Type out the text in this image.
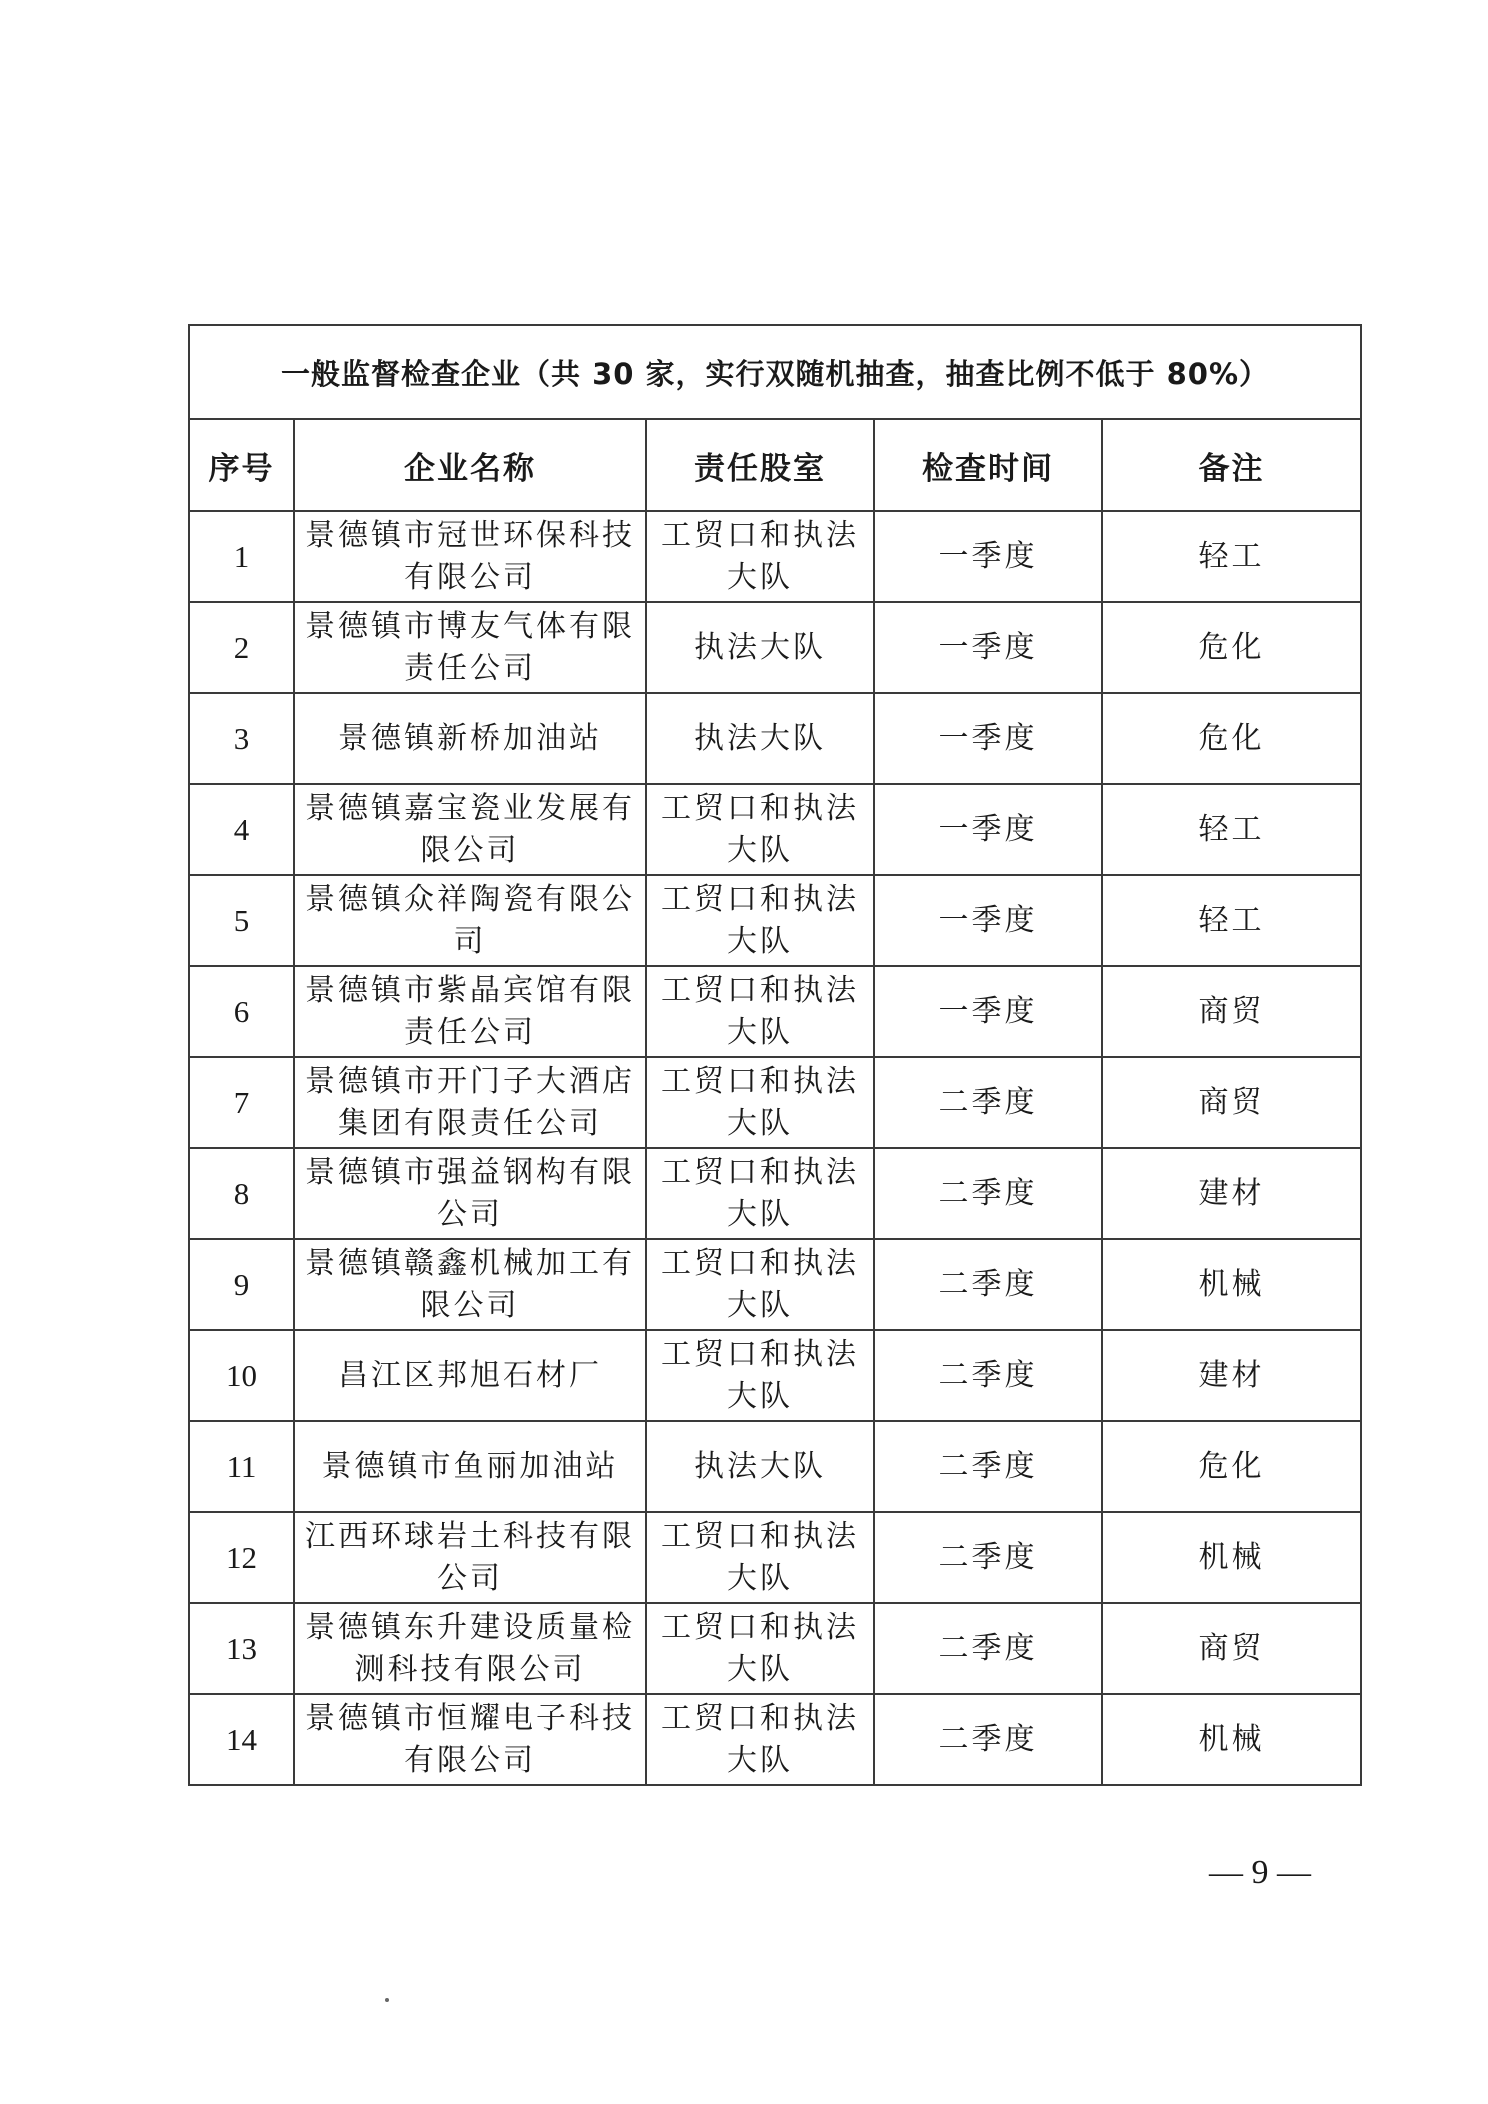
一般监督检查企业（共 30 家，实行双随机抽查，抽查比例不低于 80%）				
序号	企业名称	责任股室	检查时间	备注
1	景德镇市冠世环保科技有限公司	工贸口和执法大队	一季度	轻工
2	景德镇市博友气体有限责任公司	执法大队	一季度	危化
3	景德镇新桥加油站	执法大队	一季度	危化
4	景德镇嘉宝瓷业发展有限公司	工贸口和执法大队	一季度	轻工
5	景德镇众祥陶瓷有限公司	工贸口和执法大队	一季度	轻工
6	景德镇市紫晶宾馆有限责任公司	工贸口和执法大队	一季度	商贸
7	景德镇市开门子大酒店集团有限责任公司	工贸口和执法大队	二季度	商贸
8	景德镇市强益钢构有限公司	工贸口和执法大队	二季度	建材
9	景德镇赣鑫机械加工有限公司	工贸口和执法大队	二季度	机械
10	昌江区邦旭石材厂	工贸口和执法大队	二季度	建材
11	景德镇市鱼丽加油站	执法大队	二季度	危化
12	江西环球岩土科技有限公司	工贸口和执法大队	二季度	机械
13	景德镇东升建设质量检测科技有限公司	工贸口和执法大队	二季度	商贸
14	景德镇市恒耀电子科技有限公司	工贸口和执法大队	二季度	机械
— 9 —
